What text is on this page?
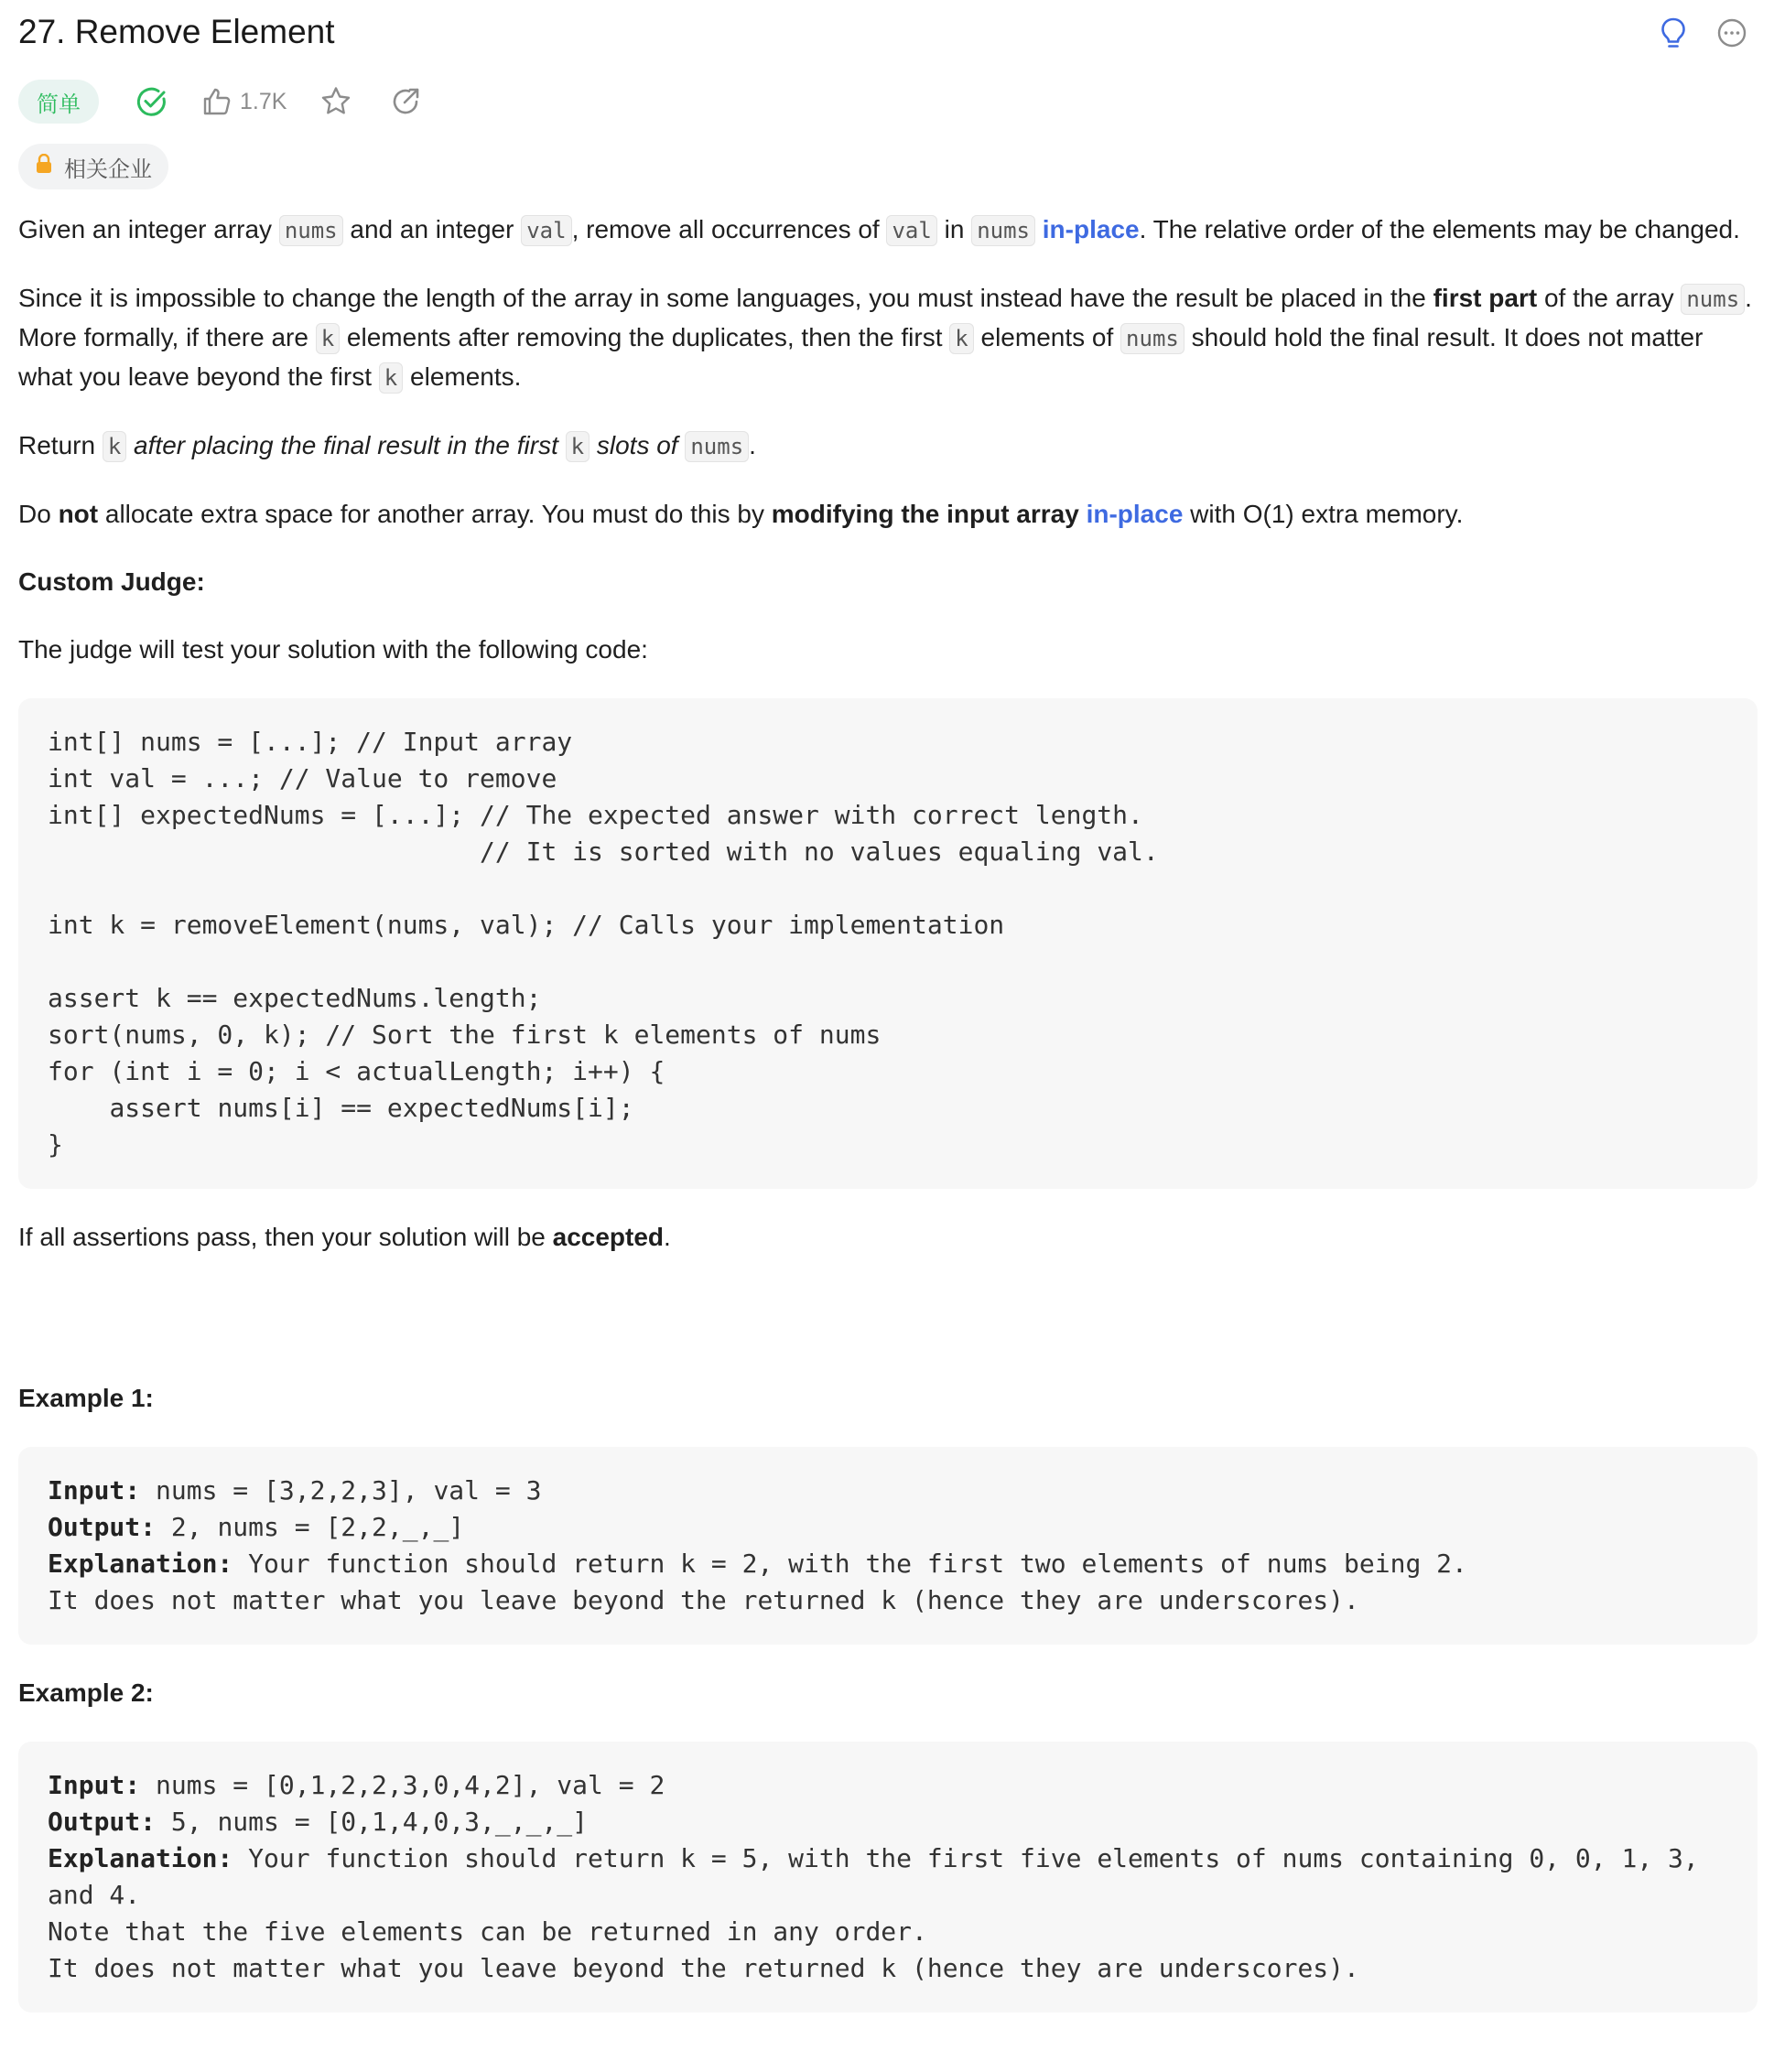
27. Remove Element
简单	1.7K
相关企业

Given an integer array nums and an integer val , remove all occurrences of val in nums in-place. The relative order of the elements may be changed.

Since it is impossible to change the length of the array in some languages, you must instead have the result be placed in the first part of the array nums . More formally, if there are k elements after removing the duplicates, then the first k elements of nums should hold the final result. It does not matter what you leave beyond the first k elements.

Return k after placing the final result in the first k slots of nums .

Do not allocate extra space for another array. You must do this by modifying the input array in-place with O(1) extra memory.

Custom Judge:

The judge will test your solution with the following code:

int[] nums = [...]; // Input array
int val = ...; // Value to remove
int[] expectedNums = [...]; // The expected answer with correct length.
// It is sorted with no values equaling val.

int k = removeElement(nums, val); // Calls your implementation

assert k == expectedNums.length;
sort(nums, 0, k); // Sort the first k elements of nums
for (int i = 0; i < actualLength; i++) {
assert nums[i] == expectedNums[i];
}

If all assertions pass, then your solution will be accepted.

Example 1:

Input: nums = [3,2,2,3], val = 3
Output: 2, nums = [2,2,_,_]
Explanation: Your function should return k = 2, with the first two elements of nums being 2.
It does not matter what you leave beyond the returned k (hence they are underscores).

Example 2:

Input: nums = [0,1,2,2,3,0,4,2], val = 2
Output: 5, nums = [0,1,4,0,3,_,_,_]
Explanation: Your function should return k = 5, with the first five elements of nums containing 0, 0, 1, 3, and 4.
Note that the five elements can be returned in any order.
It does not matter what you leave beyond the returned k (hence they are underscores).
